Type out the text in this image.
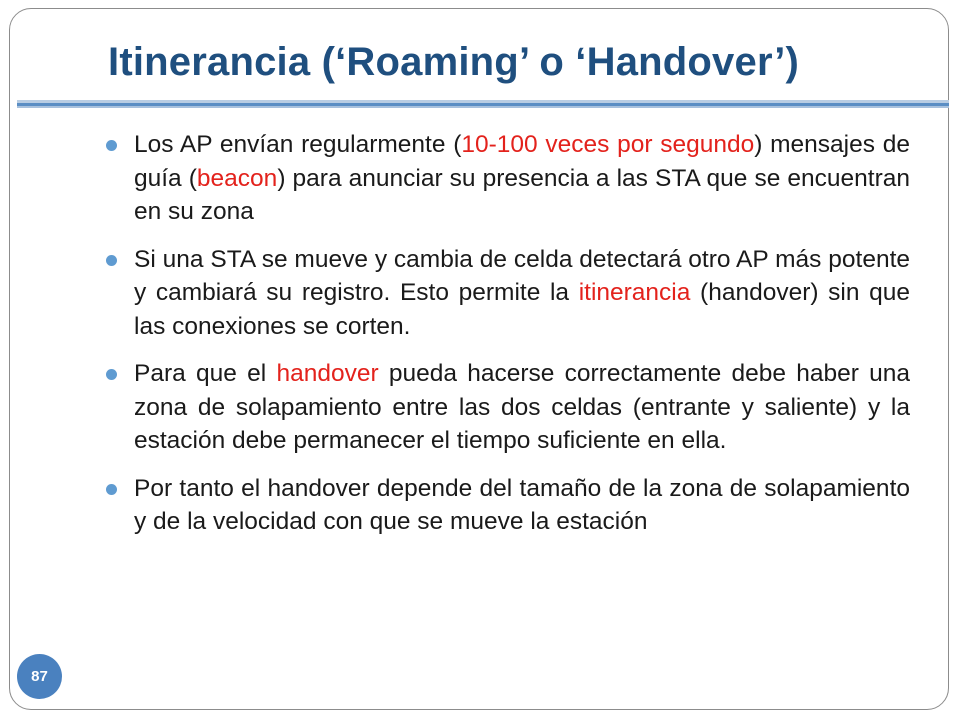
Itinerancia (‘Roaming’ o ‘Handover’)
Los AP envían regularmente (10-100 veces por segundo) mensajes de guía (beacon) para anunciar su presencia a las STA que se encuentran en su zona
Si una STA se mueve y cambia de celda detectará otro AP más potente y cambiará su registro. Esto permite la itinerancia (handover) sin que las conexiones se corten.
Para que el handover pueda hacerse correctamente debe haber una zona de solapamiento entre las dos celdas (entrante y saliente) y la estación debe permanecer el tiempo suficiente en ella.
Por tanto el handover depende del tamaño de la zona de solapamiento y de la velocidad con que se mueve la estación
87
